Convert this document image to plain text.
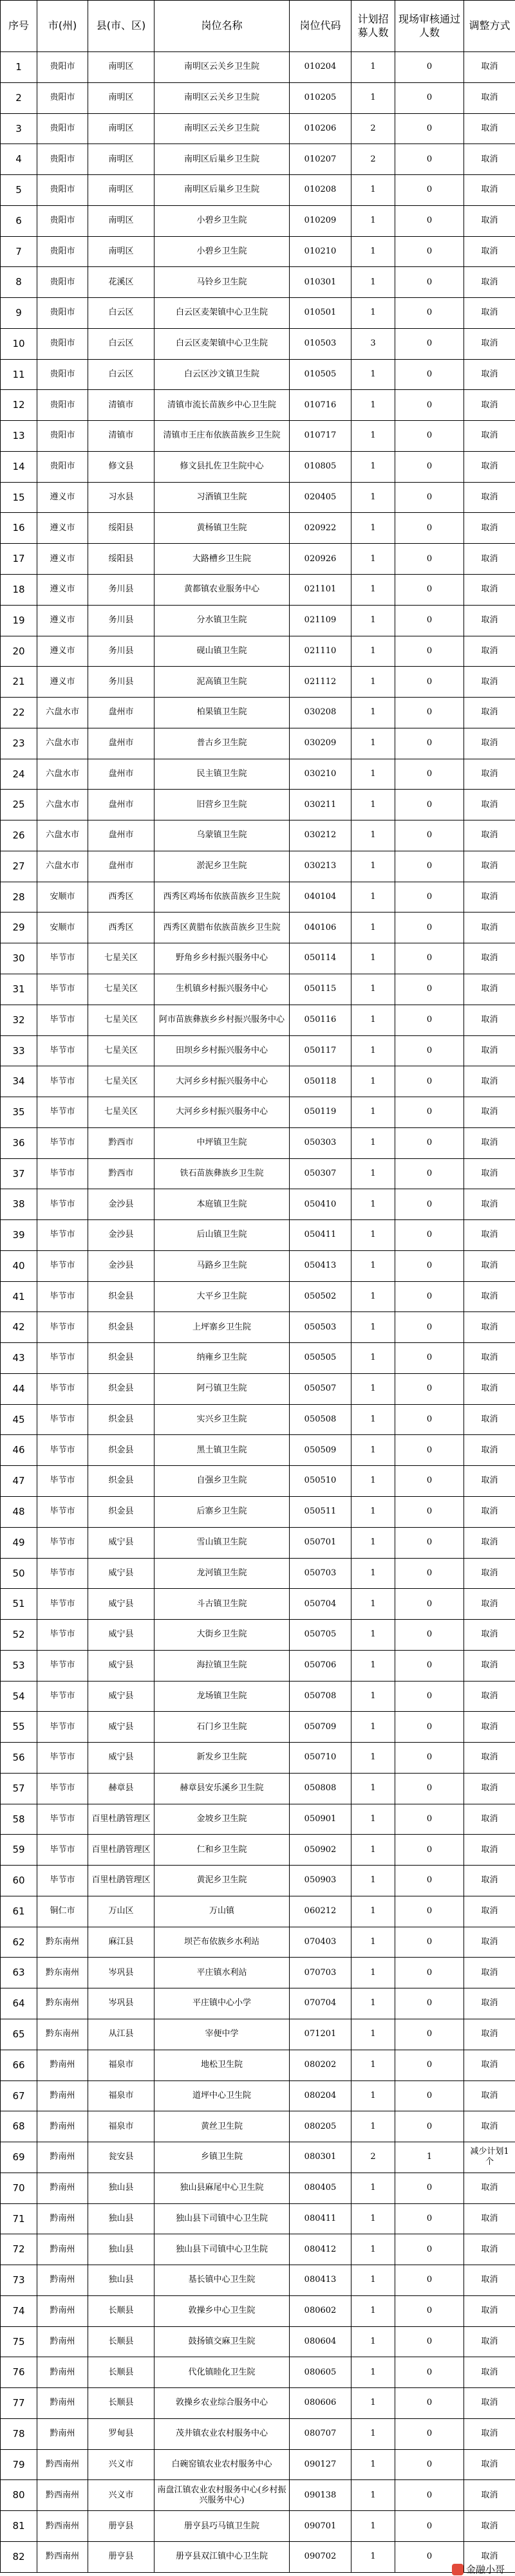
序号	市(州)	县(市、区)	岗位名称	岗位代码	计划招募人数	现场审核通过人数	调整方式
1	贵阳市	南明区	南明区云关乡卫生院	010204	1	0	取消
2	贵阳市	南明区	南明区云关乡卫生院	010205	1	0	取消
3	贵阳市	南明区	南明区云关乡卫生院	010206	2	0	取消
4	贵阳市	南明区	南明区后巢乡卫生院	010207	2	0	取消
5	贵阳市	南明区	南明区后巢乡卫生院	010208	1	0	取消
6	贵阳市	南明区	小碧乡卫生院	010209	1	0	取消
7	贵阳市	南明区	小碧乡卫生院	010210	1	0	取消
8	贵阳市	花溪区	马铃乡卫生院	010301	1	0	取消
9	贵阳市	白云区	白云区麦架镇中心卫生院	010501	1	0	取消
10	贵阳市	白云区	白云区麦架镇中心卫生院	010503	3	0	取消
11	贵阳市	白云区	白云区沙文镇卫生院	010505	1	0	取消
12	贵阳市	清镇市	清镇市流长苗族乡中心卫生院	010716	1	0	取消
13	贵阳市	清镇市	清镇市王庄布依族苗族乡卫生院	010717	1	0	取消
14	贵阳市	修文县	修文县扎佐卫生院中心	010805	1	0	取消
15	遵义市	习水县	习酒镇卫生院	020405	1	0	取消
16	遵义市	绥阳县	黄杨镇卫生院	020922	1	0	取消
17	遵义市	绥阳县	大路槽乡卫生院	020926	1	0	取消
18	遵义市	务川县	黄都镇农业服务中心	021101	1	0	取消
19	遵义市	务川县	分水镇卫生院	021109	1	0	取消
20	遵义市	务川县	砚山镇卫生院	021110	1	0	取消
21	遵义市	务川县	泥高镇卫生院	021112	1	0	取消
22	六盘水市	盘州市	柏果镇卫生院	030208	1	0	取消
23	六盘水市	盘州市	普古乡卫生院	030209	1	0	取消
24	六盘水市	盘州市	民主镇卫生院	030210	1	0	取消
25	六盘水市	盘州市	旧营乡卫生院	030211	1	0	取消
26	六盘水市	盘州市	乌蒙镇卫生院	030212	1	0	取消
27	六盘水市	盘州市	淤泥乡卫生院	030213	1	0	取消
28	安顺市	西秀区	西秀区鸡场布依族苗族乡卫生院	040104	1	0	取消
29	安顺市	西秀区	西秀区黄腊布依族苗族乡卫生院	040106	1	0	取消
30	毕节市	七星关区	野角乡乡村振兴服务中心	050114	1	0	取消
31	毕节市	七星关区	生机镇乡村振兴服务中心	050115	1	0	取消
32	毕节市	七星关区	阿市苗族彝族乡乡村振兴服务中心	050116	1	0	取消
33	毕节市	七星关区	田坝乡乡村振兴服务中心	050117	1	0	取消
34	毕节市	七星关区	大河乡乡村振兴服务中心	050118	1	0	取消
35	毕节市	七星关区	大河乡乡村振兴服务中心	050119	1	0	取消
36	毕节市	黔西市	中坪镇卫生院	050303	1	0	取消
37	毕节市	黔西市	铁石苗族彝族乡卫生院	050307	1	0	取消
38	毕节市	金沙县	本庭镇卫生院	050410	1	0	取消
39	毕节市	金沙县	后山镇卫生院	050411	1	0	取消
40	毕节市	金沙县	马路乡卫生院	050413	1	0	取消
41	毕节市	织金县	大平乡卫生院	050502	1	0	取消
42	毕节市	织金县	上坪寨乡卫生院	050503	1	0	取消
43	毕节市	织金县	纳雍乡卫生院	050505	1	0	取消
44	毕节市	织金县	阿弓镇卫生院	050507	1	0	取消
45	毕节市	织金县	实兴乡卫生院	050508	1	0	取消
46	毕节市	织金县	黑土镇卫生院	050509	1	0	取消
47	毕节市	织金县	自强乡卫生院	050510	1	0	取消
48	毕节市	织金县	后寨乡卫生院	050511	1	0	取消
49	毕节市	威宁县	雪山镇卫生院	050701	1	0	取消
50	毕节市	威宁县	龙河镇卫生院	050703	1	0	取消
51	毕节市	威宁县	斗古镇卫生院	050704	1	0	取消
52	毕节市	威宁县	大街乡卫生院	050705	1	0	取消
53	毕节市	威宁县	海拉镇卫生院	050706	1	0	取消
54	毕节市	威宁县	龙场镇卫生院	050708	1	0	取消
55	毕节市	威宁县	石门乡卫生院	050709	1	0	取消
56	毕节市	威宁县	新发乡卫生院	050710	1	0	取消
57	毕节市	赫章县	赫章县安乐溪乡卫生院	050808	1	0	取消
58	毕节市	百里杜鹃管理区	金坡乡卫生院	050901	1	0	取消
59	毕节市	百里杜鹃管理区	仁和乡卫生院	050902	1	0	取消
60	毕节市	百里杜鹃管理区	黄泥乡卫生院	050903	1	0	取消
61	铜仁市	万山区	万山镇	060212	1	0	取消
62	黔东南州	麻江县	坝芒布依族乡水利站	070403	1	0	取消
63	黔东南州	岑巩县	平庄镇水利站	070703	1	0	取消
64	黔东南州	岑巩县	平庄镇中心小学	070704	1	0	取消
65	黔东南州	从江县	宰便中学	071201	1	0	取消
66	黔南州	福泉市	地松卫生院	080202	1	0	取消
67	黔南州	福泉市	道坪中心卫生院	080204	1	0	取消
68	黔南州	福泉市	黄丝卫生院	080205	1	0	取消
69	黔南州	瓮安县	乡镇卫生院	080301	2	1	减少计划1个
70	黔南州	独山县	独山县麻尾中心卫生院	080405	1	0	取消
71	黔南州	独山县	独山县下司镇中心卫生院	080411	1	0	取消
72	黔南州	独山县	独山县下司镇中心卫生院	080412	1	0	取消
73	黔南州	独山县	基长镇中心卫生院	080413	1	0	取消
74	黔南州	长顺县	敦操乡中心卫生院	080602	1	0	取消
75	黔南州	长顺县	鼓扬镇交麻卫生院	080604	1	0	取消
76	黔南州	长顺县	代化镇睦化卫生院	080605	1	0	取消
77	黔南州	长顺县	敦操乡农业综合服务中心	080606	1	0	取消
78	黔南州	罗甸县	茂井镇农业农村服务中心	080707	1	0	取消
79	黔西南州	兴义市	白碗窑镇农业农村服务中心	090127	1	0	取消
80	黔西南州	兴义市	南盘江镇农业农村服务中心(乡村振兴服务中心)	090138	1	0	取消
81	黔西南州	册亨县	册亨县巧马镇卫生院	090701	1	0	取消
82	黔西南州	册亨县	册亨县双江镇中心卫生院	090702	1	0	取消
金融小哥
